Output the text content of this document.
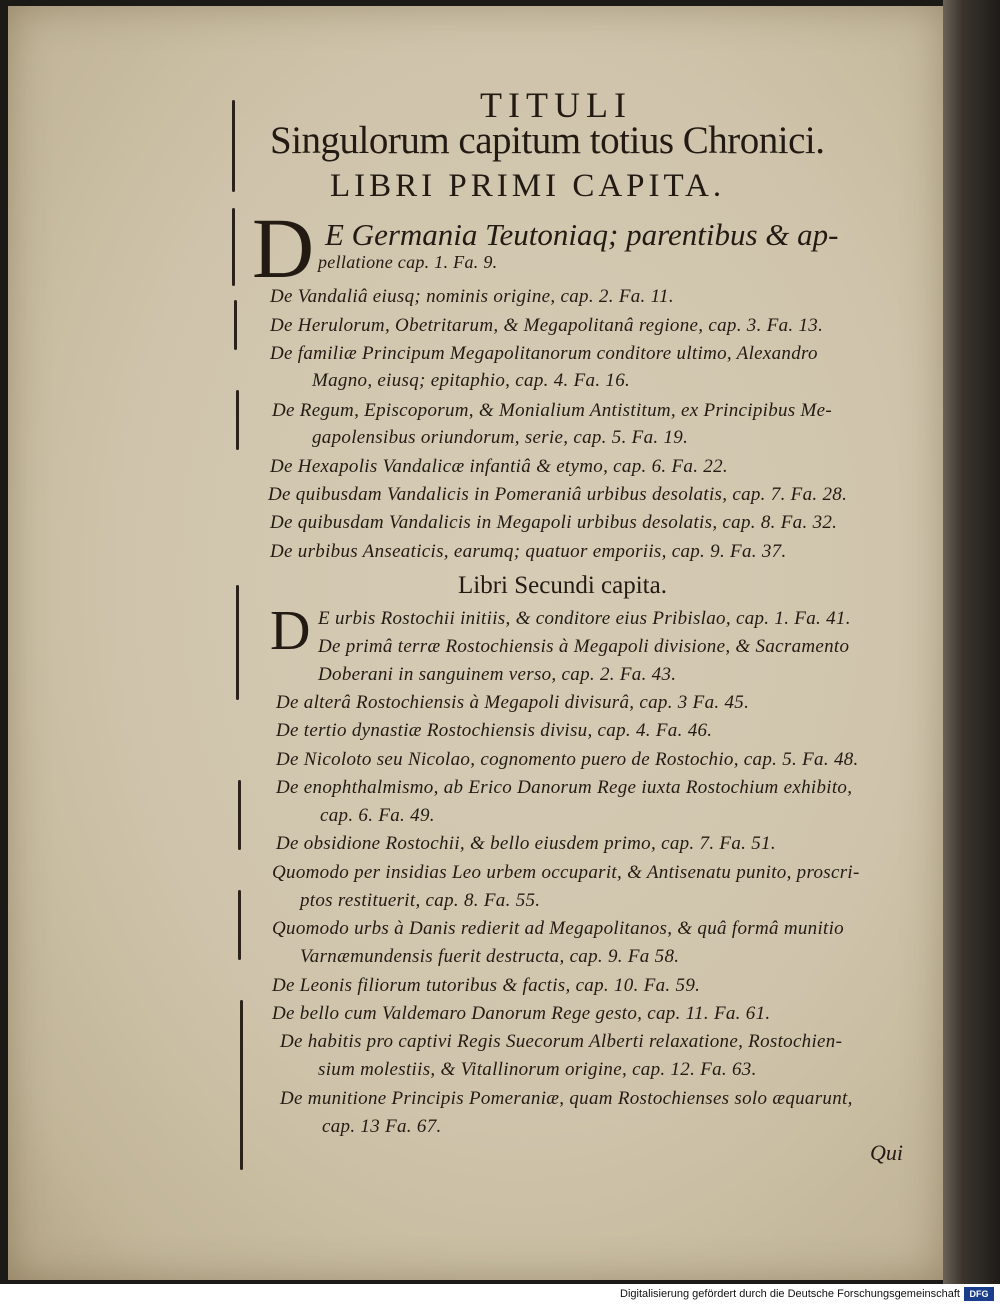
TITULI
Singulorum capitum totius Chronici.
LIBRI PRIMI CAPITA.
D E Germania Teutoniaq; parentibus & ap-
pellatione cap. 1. Fa. 9.
De Vandaliâ eiusq; nominis origine, cap. 2. Fa. 11.
De Herulorum, Obetritarum, & Megapolitanâ regione, cap. 3. Fa. 13.
De familiæ Principum Megapolitanorum conditore ultimo, Alexandro
Magno, eiusq; epitaphio, cap. 4. Fa. 16.
De Regum, Episcoporum, & Monialium Antistitum, ex Principibus Me-
gapolensibus oriundorum, serie, cap. 5. Fa. 19.
De Hexapolis Vandalicæ infantiâ & etymo, cap. 6. Fa. 22.
De quibusdam Vandalicis in Pomeraniâ urbibus desolatis, cap. 7. Fa. 28.
De quibusdam Vandalicis in Megapoli urbibus desolatis, cap. 8. Fa. 32.
De urbibus Anseaticis, earumq; quatuor emporiis, cap. 9. Fa. 37.
Libri Secundi capita.
D E urbis Rostochii initiis, & conditore eius Pribislao, cap. 1. Fa. 41.
De primâ terræ Rostochiensis à Megapoli divisione, & Sacramento
Doberani in sanguinem verso, cap. 2. Fa. 43.
De alterâ Rostochiensis à Megapoli divisurâ, cap. 3 Fa. 45.
De tertio dynastiæ Rostochiensis divisu, cap. 4. Fa. 46.
De Nicoloto seu Nicolao, cognomento puero de Rostochio, cap. 5. Fa. 48.
De enophthalmismo, ab Erico Danorum Rege iuxta Rostochium exhibito,
cap. 6. Fa. 49.
De obsidione Rostochii, & bello eiusdem primo, cap. 7. Fa. 51.
Quomodo per insidias Leo urbem occuparit, & Antisenatu punito, proscri-
ptos restituerit, cap. 8. Fa. 55.
Quomodo urbs à Danis redierit ad Megapolitanos, & quâ formâ munitio
Varnæmundensis fuerit destructa, cap. 9. Fa 58.
De Leonis filiorum tutoribus & factis, cap. 10. Fa. 59.
De bello cum Valdemaro Danorum Rege gesto, cap. 11. Fa. 61.
De habitis pro captivi Regis Suecorum Alberti relaxatione, Rostochien-
sium molestiis, & Vitallinorum origine, cap. 12. Fa. 63.
De munitione Principis Pomeraniæ, quam Rostochienses solo æquarunt,
cap. 13 Fa. 67.
Qui
Digitalisierung gefördert durch die Deutsche Forschungsgemeinschaft	DFG
